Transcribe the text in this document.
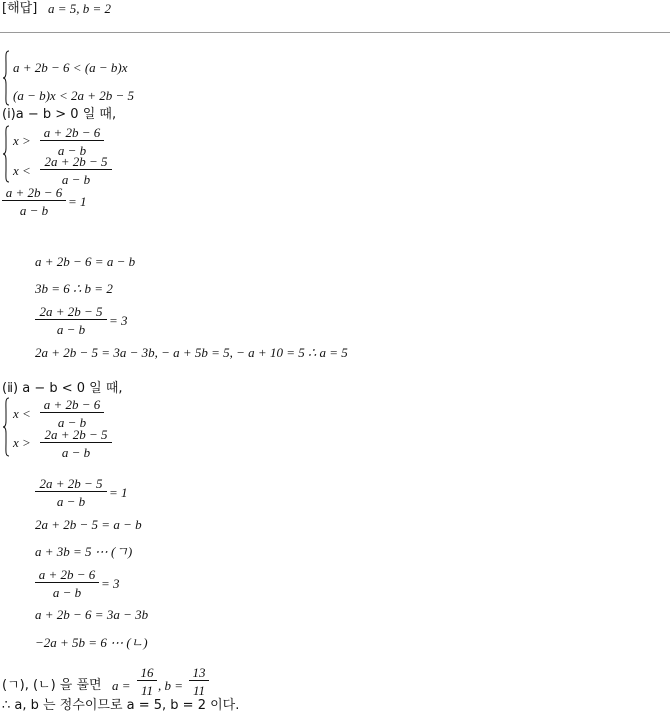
[해답] a = 5, b = 2
a + 2b − 6 < (a − b)x
(a − b)x < 2a + 2b − 5
(ⅰ)a − b > 0 일 때,
x >
a + 2b − 6
a − b
x <
2a + 2b − 5
a − b
a + 2b − 6
a − b
= 1
a + 2b − 6 = a − b
3b = 6 ∴ b = 2
2a + 2b − 5
a − b
= 3
2a + 2b − 5 = 3a − 3b, − a + 5b = 5, − a + 10 = 5 ∴ a = 5
(ⅱ) a − b < 0 일 때,
x <
a + 2b − 6
a − b
x >
2a + 2b − 5
a − b
2a + 2b − 5
a − b
= 1
2a + 2b − 5 = a − b
a + 3b = 5 ⋯ (ㄱ)
a + 2b − 6
a − b
= 3
a + 2b − 6 = 3a − 3b
−2a + 5b = 6 ⋯ (ㄴ)
(ㄱ), (ㄴ) 을 풀면 a =
16
11 , b =
13
11
∴ a, b 는 정수이므로 a = 5, b = 2 이다.
